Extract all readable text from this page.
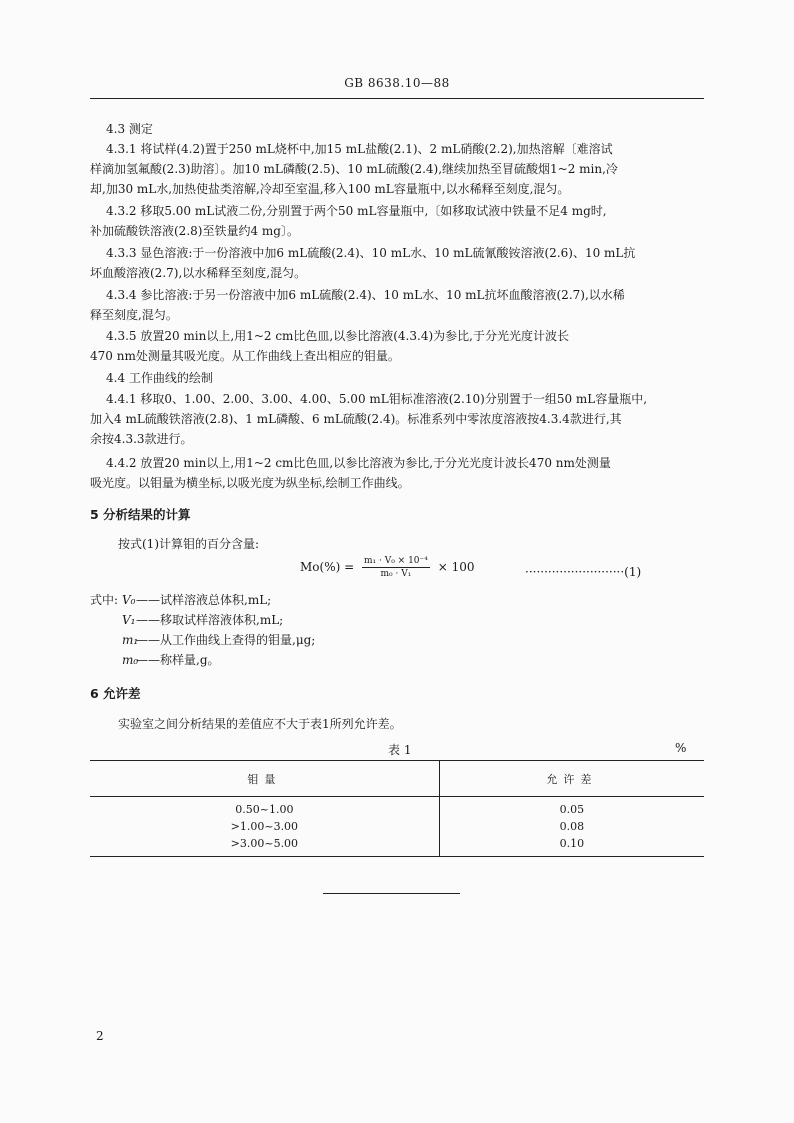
GB 8638.10—88
4.3 测定
4.3.1 将试样(4.2)置于250 mL烧杯中,加15 mL盐酸(2.1)、2 mL硝酸(2.2),加热溶解〔难溶试
样滴加氢氟酸(2.3)助溶〕。加10 mL磷酸(2.5)、10 mL硫酸(2.4),继续加热至冒硫酸烟1~2 min,冷
却,加30 mL水,加热使盐类溶解,冷却至室温,移入100 mL容量瓶中,以水稀释至刻度,混匀。
4.3.2 移取5.00 mL试液二份,分别置于两个50 mL容量瓶中,〔如移取试液中铁量不足4 mg时,
补加硫酸铁溶液(2.8)至铁量约4 mg〕。
4.3.3 显色溶液:于一份溶液中加6 mL硫酸(2.4)、10 mL水、10 mL硫氰酸铵溶液(2.6)、10 mL抗
坏血酸溶液(2.7),以水稀释至刻度,混匀。
4.3.4 参比溶液:于另一份溶液中加6 mL硫酸(2.4)、10 mL水、10 mL抗坏血酸溶液(2.7),以水稀
释至刻度,混匀。
4.3.5 放置20 min以上,用1~2 cm比色皿,以参比溶液(4.3.4)为参比,于分光光度计波长
470 nm处测量其吸光度。从工作曲线上查出相应的钼量。
4.4 工作曲线的绘制
4.4.1 移取0、1.00、2.00、3.00、4.00、5.00 mL钼标准溶液(2.10)分别置于一组50 mL容量瓶中,
加入4 mL硫酸铁溶液(2.8)、1 mL磷酸、6 mL硫酸(2.4)。标准系列中零浓度溶液按4.3.4款进行,其
余按4.3.3款进行。
4.4.2 放置20 min以上,用1~2 cm比色皿,以参比溶液为参比,于分光光度计波长470 nm处测量
吸光度。以钼量为横坐标,以吸光度为纵坐标,绘制工作曲线。
5 分析结果的计算
按式(1)计算钼的百分含量:
$Mo(\%) = \frac{\text{m₁ · V₀ × 10⁻⁴}}{\text{m₀ · V₁}} \times 100$	··························(1)
式中: V₀——试样溶液总体积,mL;
V₁——移取试样溶液体积,mL;
m₁——从工作曲线上查得的钼量,μg;
m₀——称样量,g。
6 允许差
实验室之间分析结果的差值应不大于表1所列允许差。
表 1	%
钼量	允许差
0.50~1.00	0.05
>1.00~3.00	0.08
>3.00~5.00	0.10
2
